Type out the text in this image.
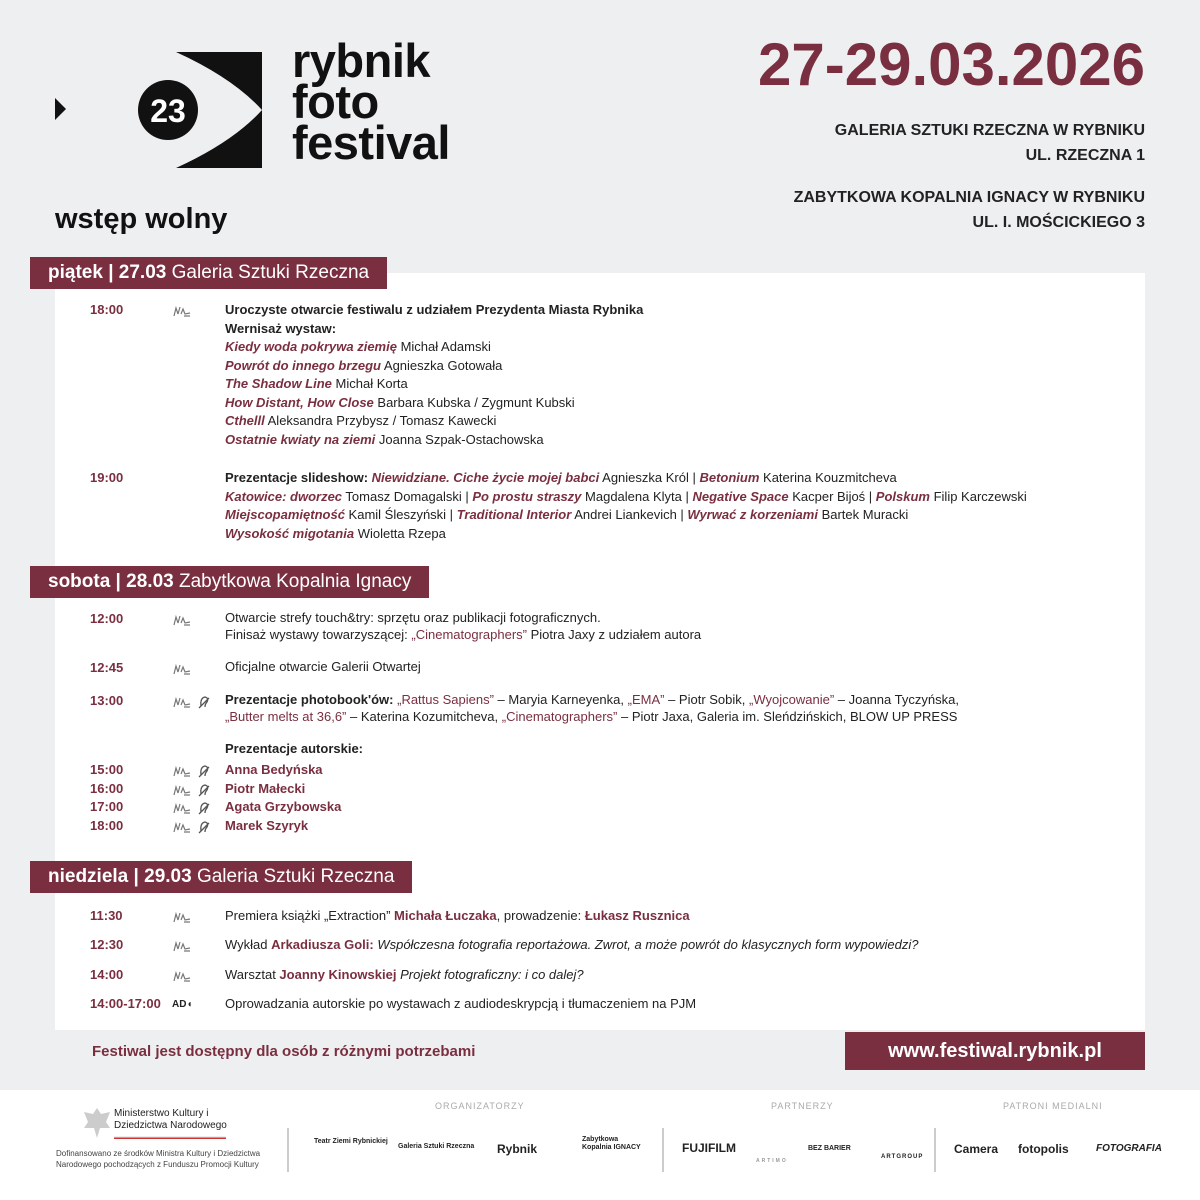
23
rybnik
foto
festival
wstęp wolny
27-29.03.2026
GALERIA SZTUKI RZECZNA W RYBNIKU
UL. RZECZNA 1
ZABYTKOWA KOPALNIA IGNACY W RYBNIKU
UL. I. MOŚCICKIEGO 3
piątek | 27.03 Galeria Sztuki Rzeczna
18:00	Uroczyste otwarcie festiwalu z udziałem Prezydenta Miasta Rybnika
Wernisaż wystaw:
Kiedy woda pokrywa ziemię Michał Adamski
Powrót do innego brzegu Agnieszka Gotowała
The Shadow Line Michał Korta
How Distant, How Close Barbara Kubska / Zygmunt Kubski
Cthelll Aleksandra Przybysz / Tomasz Kawecki
Ostatnie kwiaty na ziemi Joanna Szpak-Ostachowska
19:00	Prezentacje slideshow: Niewidziane. Ciche życie mojej babci Agnieszka Król | Betonium Katerina Kouzmitcheva
Katowice: dworzec Tomasz Domagalski | Po prostu straszy Magdalena Klyta | Negative Space Kacper Bijoś | Polskum Filip Karczewski
Miejscopamiętność Kamil Śleszyński | Traditional Interior Andrei Liankevich | Wyrwać z korzeniami Bartek Muracki
Wysokość migotania Wioletta Rzepa
sobota | 28.03 Zabytkowa Kopalnia Ignacy
12:00	Otwarcie strefy touch&try: sprzętu oraz publikacji fotograficznych.
Finisaż wystawy towarzyszącej: „Cinematographers” Piotra Jaxy z udziałem autora
12:45	Oficjalne otwarcie Galerii Otwartej
13:00	Prezentacje photobook'ów: „Rattus Sapiens” – Maryia Karneyenka, „EMA” – Piotr Sobik, „Wyojcowanie” – Joanna Tyczyńska,
„Butter melts at 36,6” – Katerina Kozumitcheva, „Cinematographers” – Piotr Jaxa, Galeria im. Sleńdzińskich, BLOW UP PRESS
Prezentacje autorskie:
15:00	Anna Bedyńska
16:00	Piotr Małecki
17:00	Agata Grzybowska
18:00	Marek Szyryk
niedziela | 29.03 Galeria Sztuki Rzeczna
11:30	Premiera książki „Extraction” Michała Łuczaka, prowadzenie: Łukasz Rusznica
12:30	Wykład Arkadiusza Goli: Współczesna fotografia reportażowa. Zwrot, a może powrót do klasycznych form wypowiedzi?
14:00	Warsztat Joanny Kinowskiej Projekt fotograficzny: i co dalej?
14:00-17:00 AD◖	Oprowadzania autorskie po wystawach z audiodeskrypcją i tłumaczeniem na PJM
Festiwal jest dostępny dla osób z różnymi potrzebami	www.festiwal.rybnik.pl
Ministerstwo Kultury i Dziedzictwa Narodowego
Dofinansowano ze środków Ministra Kultury i Dziedzictwa Narodowego pochodzących z Funduszu Promocji Kultury
ORGANIZATORZY
Teatr Ziemi Rybnickiej
Galeria Sztuki Rzeczna	Rybnik
Zabytkowa Kopalnia IGNACY
PARTNERZY
FUJIFILM
ARTIMO
BEZ BARIER
ARTGROUP
PATRONI MEDIALNI
Camera fotopolis	FOTOGRAFIA
